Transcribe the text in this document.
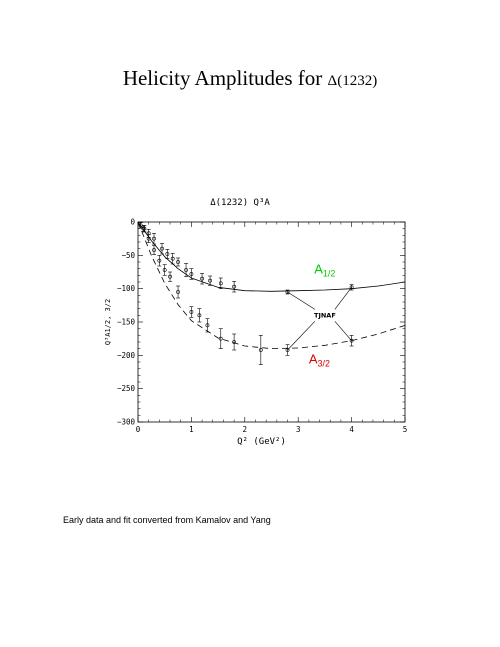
Helicity Amplitudes for Δ(1232)
Δ(1232) Q³A
Q³A1/2, 3/2
Q² (GeV²)
TJNAF
$A_{1/2}$
$A_{3/2}$
0	1	2	3	4	5
0
−50
−100
−150
−200
−250
−300
Early data and fit converted from Kamalov and Yang
